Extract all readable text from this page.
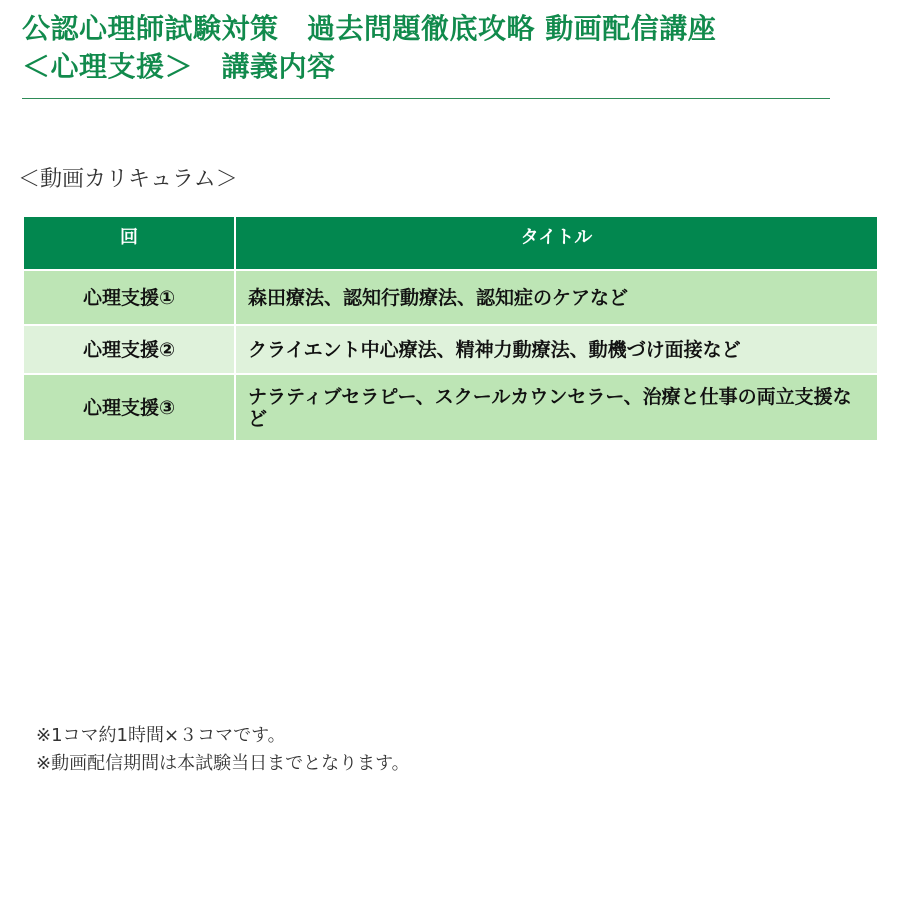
公認心理師試験対策　過去問題徹底攻略 動画配信講座
＜心理支援＞　講義内容
＜動画カリキュラム＞
回	タイトル
心理支援①	森田療法、認知行動療法、認知症のケアなど
心理支援②	クライエント中心療法、精神力動療法、動機づけ面接など
心理支援③	ナラティブセラピー、スクールカウンセラー、治療と仕事の両立支援など
※1コマ約1時間×３コマです。
※動画配信期間は本試験当日までとなります。
